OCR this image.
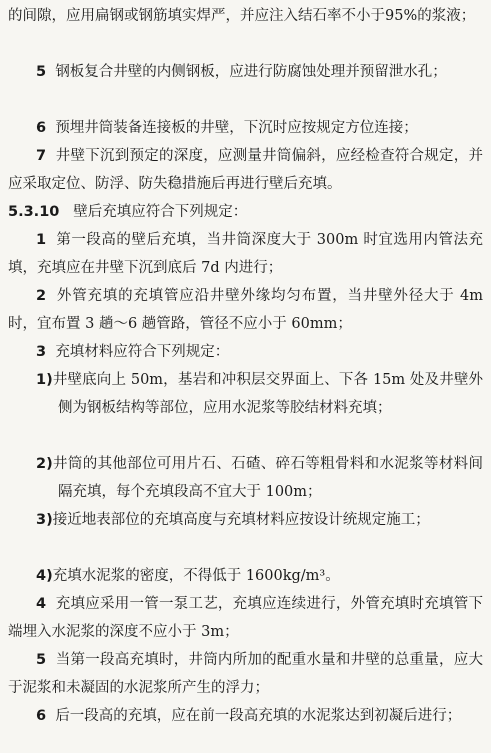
的间隙，应用扁钢或钢筋填实焊严，并应注入结石率不小于95%的浆液；

5 钢板复合井壁的内侧钢板，应进行防腐蚀处理并预留泄水孔；

6 预埋井筒装备连接板的井壁，下沉时应按规定方位连接；

7 井壁下沉到预定的深度，应测量井筒偏斜，应经检查符合规定，并应采取定位、防浮、防失稳措施后再进行壁后充填。

5.3.10 壁后充填应符合下列规定：

1 第一段高的壁后充填，当井筒深度大于 300m 时宜选用内管法充填，充填应在井壁下沉到底后 7d 内进行；

2 外管充填的充填管应沿井壁外缘均匀布置，当井壁外径大于 4m 时，宜布置 3 趟～6 趟管路，管径不应小于 60mm；

3 充填材料应符合下列规定：

1)井壁底向上 50m，基岩和冲积层交界面上、下各 15m 处及井壁外侧为钢板结构等部位，应用水泥浆等胶结材料充填；

2)井筒的其他部位可用片石、石碴、碎石等粗骨料和水泥浆等材料间隔充填，每个充填段高不宜大于 100m；

3)接近地表部位的充填高度与充填材料应按设计统规定施工；

4)充填水泥浆的密度，不得低于 1600kg/m³。

4 充填应采用一管一泵工艺，充填应连续进行，外管充填时充填管下端埋入水泥浆的深度不应小于 3m；

5 当第一段高充填时，井筒内所加的配重水量和井壁的总重量，应大于泥浆和未凝固的水泥浆所产生的浮力；

6 后一段高的充填，应在前一段高充填的水泥浆达到初凝后进行；
